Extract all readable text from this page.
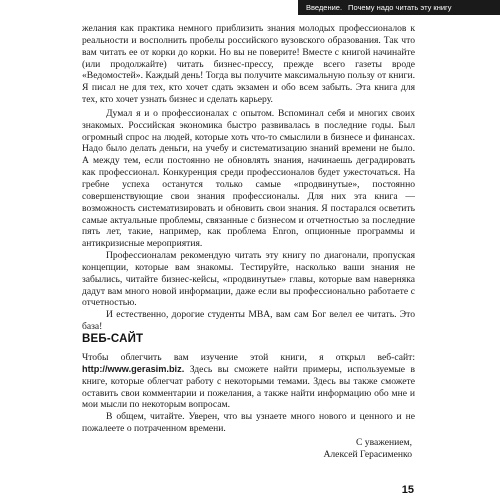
Введение. Почему надо читать эту книгу

желания как практика немного приблизить знания молодых профессионалов к реальности и восполнить пробелы российского вузовского образования. Так что вам читать ее от корки до корки. Но вы не поверите! Вместе с книгой начинайте (или продолжайте) читать бизнес-прессу, прежде всего газеты вроде «Ведомостей». Каждый день! Тогда вы получите максимальную пользу от книги. Я писал не для тех, кто хочет сдать экзамен и обо всем забыть. Эта книга для тех, кто хочет узнать бизнес и сделать карьеру.

Думал я и о профессионалах с опытом. Вспоминал себя и многих своих знакомых. Российская экономика быстро развивалась в последние годы. Был огромный спрос на людей, которые хоть что-то смыслили в бизнесе и финансах. Надо было делать деньги, на учебу и систематизацию знаний времени не было. А между тем, если постоянно не обновлять знания, начинаешь деградировать как профессионал. Конкуренция среди профессионалов будет ужесточаться. На гребне успеха останутся только самые «продвинутые», постоянно совершенствующие свои знания профессионалы. Для них эта книга — возможность систематизировать и обновить свои знания. Я постарался осветить самые актуальные проблемы, связанные с бизнесом и отчетностью за последние пять лет, такие, например, как проблема Enron, опционные программы и антикризисные мероприятия.

Профессионалам рекомендую читать эту книгу по диагонали, пропуская концепции, которые вам знакомы. Тестируйте, насколько ваши знания не забылись, читайте бизнес-кейсы, «продвинутые» главы, которые вам наверняка дадут вам много новой информации, даже если вы профессионально работаете с отчетностью.

И естественно, дорогие студенты MBA, вам сам Бог велел ее читать. Это база!

ВЕБ-САЙТ

Чтобы облегчить вам изучение этой книги, я открыл веб-сайт: http://www.gerasim.biz. Здесь вы сможете найти примеры, используемые в книге, которые облегчат работу с некоторыми темами. Здесь вы также сможете оставить свои комментарии и пожелания, а также найти информацию обо мне и мои мысли по некоторым вопросам.

В общем, читайте. Уверен, что вы узнаете много нового и ценного и не пожалеете о потраченном времени.

С уважением,
Алексей Герасименко
15
